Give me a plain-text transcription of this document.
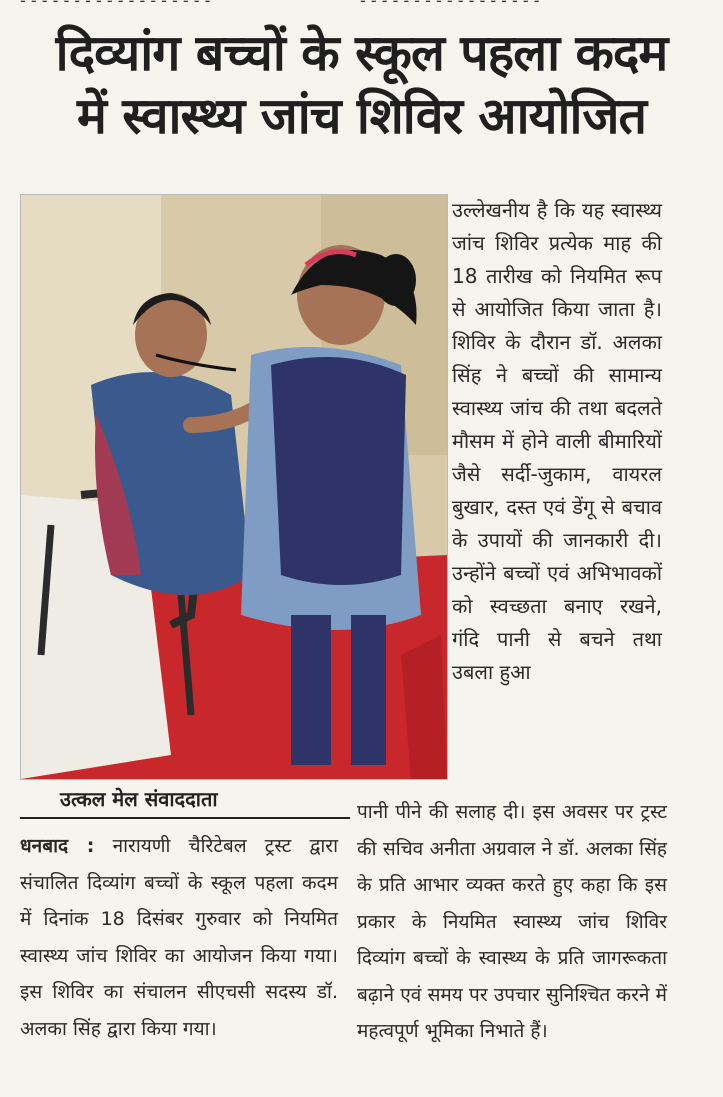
- - - - - - - - - - - - - - - - - -	- - - - - - - - - - - - - - - - -
दिव्यांग बच्चों के स्कूल पहला कदम
में स्वास्थ्य जांच शिविर आयोजित
उल्लेखनीय है कि यह स्वास्थ्य जांच शिविर प्रत्येक माह की 18 तारीख को नियमित रूप से आयोजित किया जाता है। शिविर के दौरान डॉ. अलका सिंह ने बच्चों की सामान्य स्वास्थ्य जांच की तथा बदलते मौसम में होने वाली बीमारियों जैसे सर्दी-जुकाम, वायरल बुखार, दस्त एवं डेंगू से बचाव के उपायों की जानकारी दी। उन्होंने बच्चों एवं अभिभावकों को स्वच्छता बनाए रखने, गंदि पानी से बचने तथा उबला हुआ
उत्कल मेल संवाददाता
धनबाद : नारायणी चैरिटेबल ट्रस्ट द्वारा संचालित दिव्यांग बच्चों के स्कूल पहला कदम में दिनांक 18 दिसंबर गुरुवार को नियमित स्वास्थ्य जांच शिविर का आयोजन किया गया। इस शिविर का संचालन सीएचसी सदस्य डॉ. अलका सिंह द्वारा किया गया।
पानी पीने की सलाह दी। इस अवसर पर ट्रस्ट की सचिव अनीता अग्रवाल ने डॉ. अलका सिंह के प्रति आभार व्यक्त करते हुए कहा कि इस प्रकार के नियमित स्वास्थ्य जांच शिविर दिव्यांग बच्चों के स्वास्थ्य के प्रति जागरूकता बढ़ाने एवं समय पर उपचार सुनिश्चित करने में महत्वपूर्ण भूमिका निभाते हैं।
